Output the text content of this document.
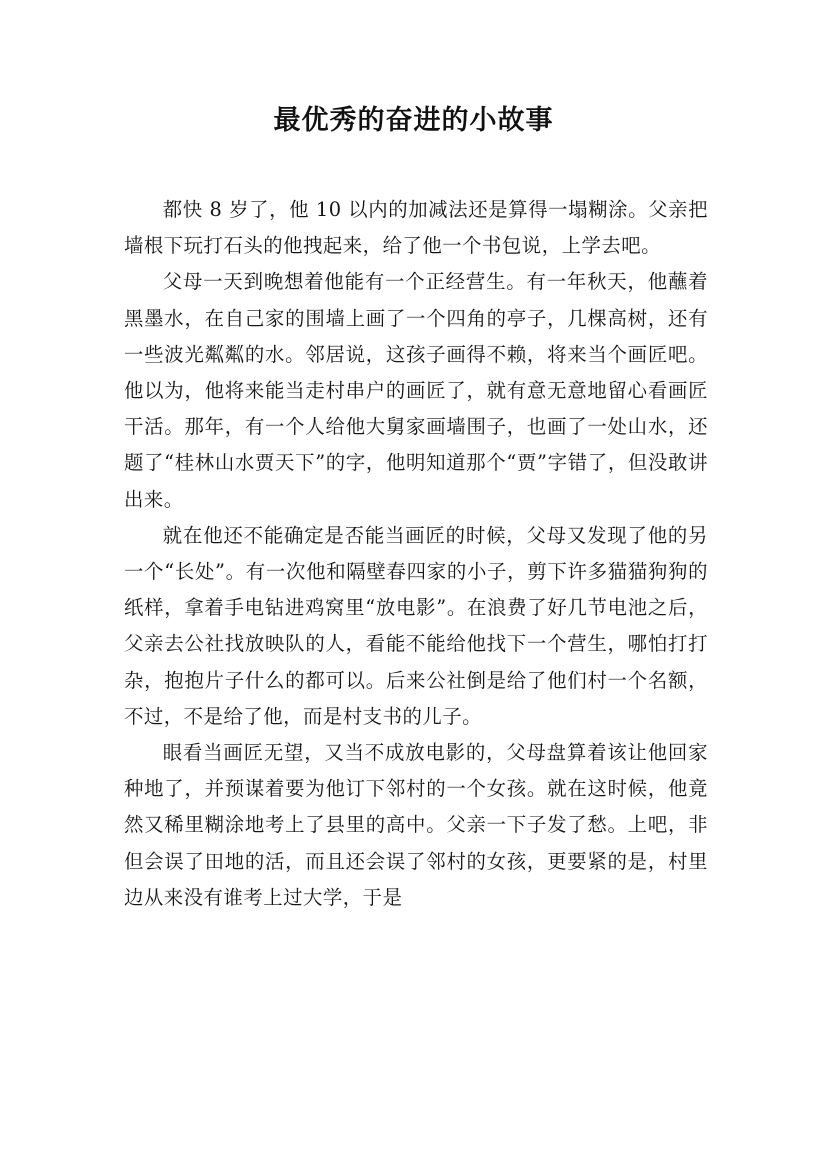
最优秀的奋进的小故事

都快 8 岁了，他 10 以内的加减法还是算得一塌糊涂。父亲把墙根下玩打石头的他拽起来，给了他一个书包说，上学去吧。

父母一天到晚想着他能有一个正经营生。有一年秋天，他蘸着黑墨水，在自己家的围墙上画了一个四角的亭子，几棵高树，还有一些波光粼粼的水。邻居说，这孩子画得不赖，将来当个画匠吧。他以为，他将来能当走村串户的画匠了，就有意无意地留心看画匠干活。那年，有一个人给他大舅家画墙围子，也画了一处山水，还题了“桂林山水贾天下”的字，他明知道那个“贾”字错了，但没敢讲出来。

就在他还不能确定是否能当画匠的时候，父母又发现了他的另一个“长处”。有一次他和隔壁春四家的小子，剪下许多猫猫狗狗的纸样，拿着手电钻进鸡窝里“放电影”。在浪费了好几节电池之后，父亲去公社找放映队的人，看能不能给他找下一个营生，哪怕打打杂，抱抱片子什么的都可以。后来公社倒是给了他们村一个名额，不过，不是给了他，而是村支书的儿子。

眼看当画匠无望，又当不成放电影的，父母盘算着该让他回家种地了，并预谋着要为他订下邻村的一个女孩。就在这时候，他竟然又稀里糊涂地考上了县里的高中。父亲一下子发了愁。上吧，非但会误了田地的活，而且还会误了邻村的女孩，更要紧的是，村里边从来没有谁考上过大学，于是
